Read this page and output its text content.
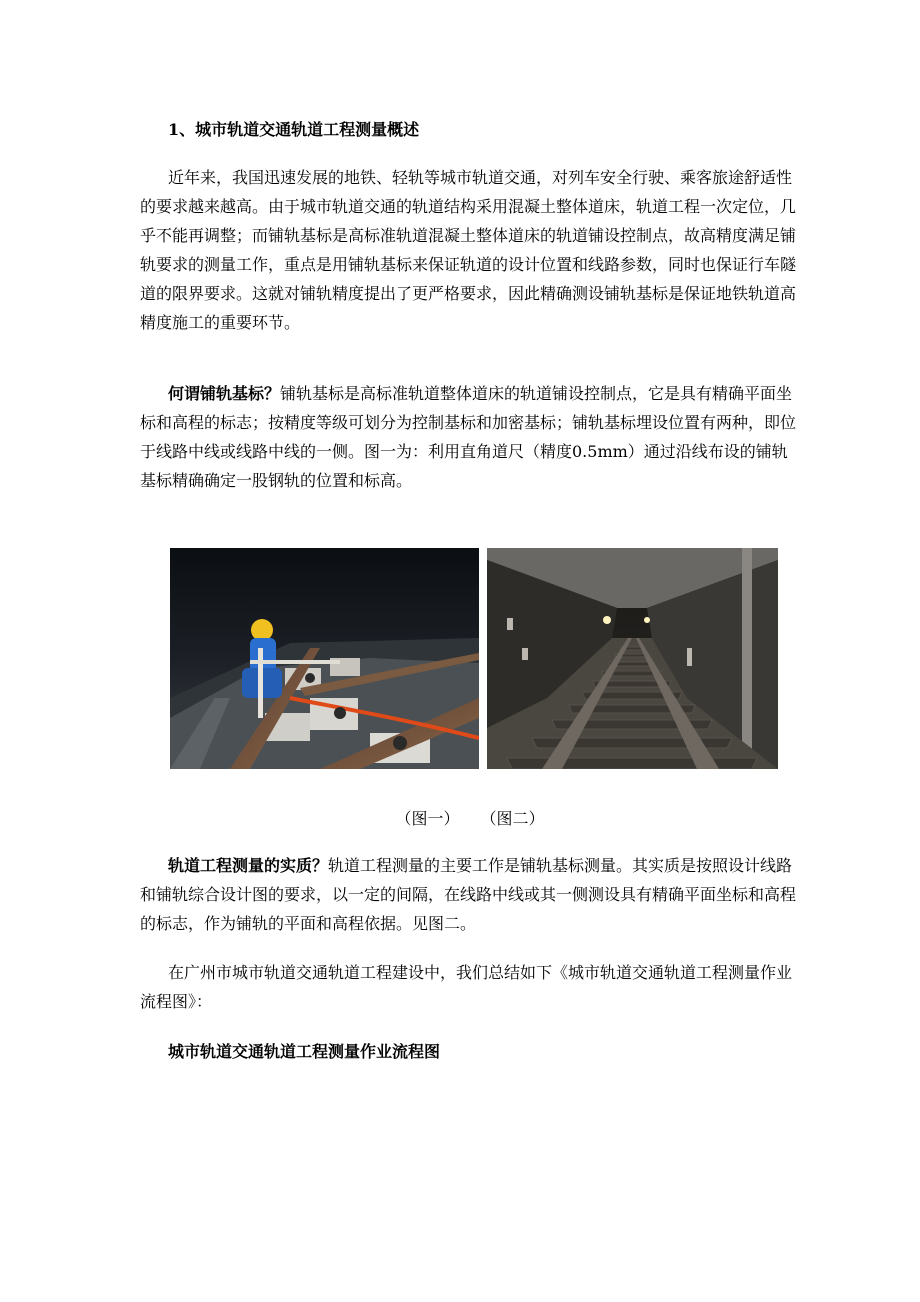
1、城市轨道交通轨道工程测量概述

近年来，我国迅速发展的地铁、轻轨等城市轨道交通，对列车安全行驶、乘客旅途舒适性的要求越来越高。由于城市轨道交通的轨道结构采用混凝土整体道床，轨道工程一次定位，几乎不能再调整；而铺轨基标是高标准轨道混凝土整体道床的轨道铺设控制点，故高精度满足铺轨要求的测量工作，重点是用铺轨基标来保证轨道的设计位置和线路参数，同时也保证行车隧道的限界要求。这就对铺轨精度提出了更严格要求，因此精确测设铺轨基标是保证地铁轨道高精度施工的重要环节。

何谓铺轨基标？铺轨基标是高标准轨道整体道床的轨道铺设控制点，它是具有精确平面坐标和高程的标志；按精度等级可划分为控制基标和加密基标；铺轨基标埋设位置有两种，即位于线路中线或线路中线的一侧。图一为：利用直角道尺（精度0.5mm）通过沿线布设的铺轨基标精确确定一股钢轨的位置和标高。

（图一） （图二）

轨道工程测量的实质？轨道工程测量的主要工作是铺轨基标测量。其实质是按照设计线路和铺轨综合设计图的要求，以一定的间隔，在线路中线或其一侧测设具有精确平面坐标和高程的标志，作为铺轨的平面和高程依据。见图二。

在广州市城市轨道交通轨道工程建设中，我们总结如下《城市轨道交通轨道工程测量作业流程图》：

城市轨道交通轨道工程测量作业流程图
